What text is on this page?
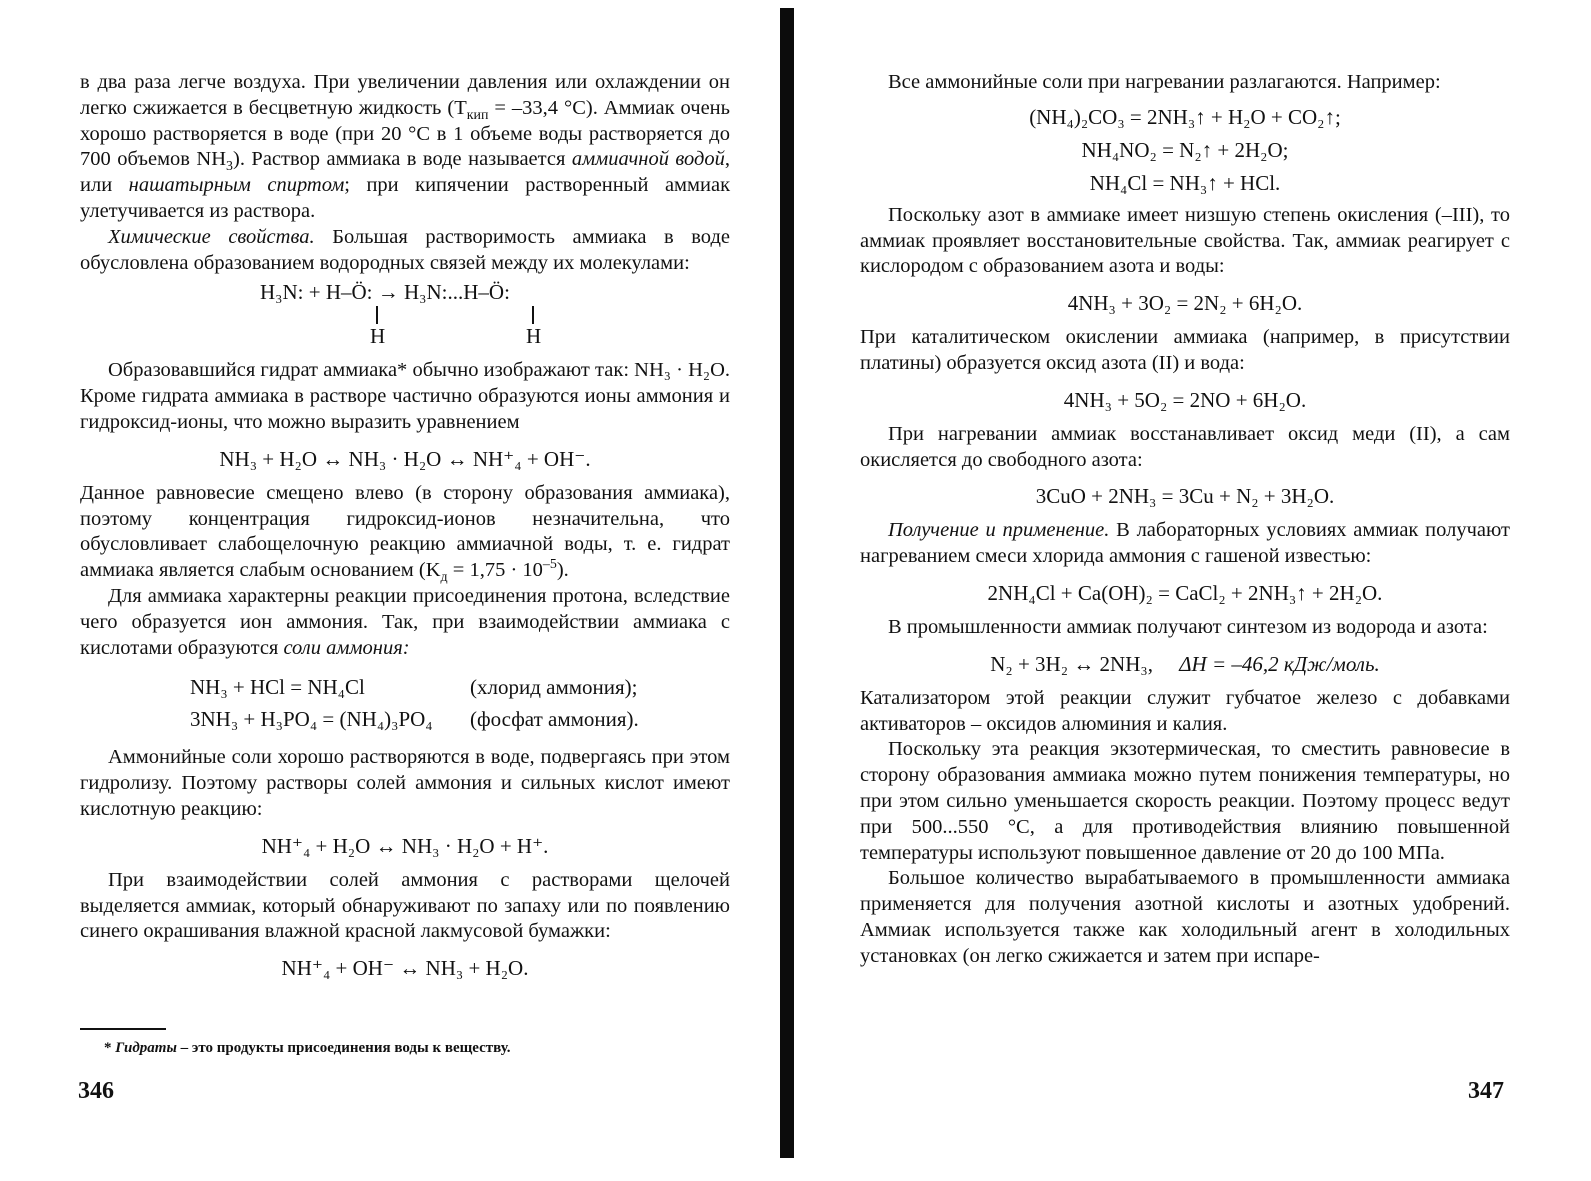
в два раза легче воздуха. При увеличении давления или охлаждении он легко сжижается в бесцветную жидкость ($T_{кип} = -33,4$ °C). Аммиак очень хорошо растворяется в воде (при 20 °C в 1 объеме воды растворяется до 700 объемов $NH_3$). Раствор аммиака в воде называется аммиачной водой, или нашатырным спиртом; при кипячении растворенный аммиак улетучивается из раствора.

Химические свойства. Большая растворимость аммиака в воде обусловлена образованием водородных связей между их молекулами:

H₃N: + H–Ö: → H₃N:...H–Ö:
H	H

Образовавшийся гидрат аммиака* обычно изображают так: NH₃ · H₂O. Кроме гидрата аммиака в растворе частично образуются ионы аммония и гидроксид-ионы, что можно выразить уравнением

NH₃ + H₂O ↔ NH₃ · H₂O ↔ NH⁺₄ + OH⁻.

Данное равновесие смещено влево (в сторону образования аммиака), поэтому концентрация гидроксид-ионов незначительна, что обусловливает слабощелочную реакцию аммиачной воды, т. е. гидрат аммиака является слабым основанием $(K_д = 1,75 \cdot 10^{-5})$.

Для аммиака характерны реакции присоединения протона, вследствие чего образуется ион аммония. Так, при взаимодействии аммиака с кислотами образуются соли аммония:

NH₃ + HCl = NH₄Cl	(хлорид аммония);
3NH₃ + H₃PO₄ = (NH₄)₃PO₄	(фосфат аммония).

Аммонийные соли хорошо растворяются в воде, подвергаясь при этом гидролизу. Поэтому растворы солей аммония и сильных кислот имеют кислотную реакцию:

NH⁺₄ + H₂O ↔ NH₃ · H₂O + H⁺.

При взаимодействии солей аммония с растворами щелочей выделяется аммиак, который обнаруживают по запаху или по появлению синего окрашивания влажной красной лакмусовой бумажки:

NH⁺₄ + OH⁻ ↔ NH₃ + H₂O.
* Гидраты – это продукты присоединения воды к веществу.
346

Все аммонийные соли при нагревании разлагаются. Например:

(NH₄)₂CO₃ = 2NH₃↑ + H₂O + CO₂↑;
NH₄NO₂ = N₂↑ + 2H₂O;
NH₄Cl = NH₃↑ + HCl.

Поскольку азот в аммиаке имеет низшую степень окисления (–III), то аммиак проявляет восстановительные свойства. Так, аммиак реагирует с кислородом с образованием азота и воды:

4NH₃ + 3O₂ = 2N₂ + 6H₂O.

При каталитическом окислении аммиака (например, в присутствии платины) образуется оксид азота (II) и вода:

4NH₃ + 5O₂ = 2NO + 6H₂O.

При нагревании аммиак восстанавливает оксид меди (II), а сам окисляется до свободного азота:

3CuO + 2NH₃ = 3Cu + N₂ + 3H₂O.

Получение и применение. В лабораторных условиях аммиак получают нагреванием смеси хлорида аммония с гашеной известью:

2NH₄Cl + Ca(OH)₂ = CaCl₂ + 2NH₃↑ + 2H₂O.

В промышленности аммиак получают синтезом из водорода и азота:

N₂ + 3H₂ ↔ 2NH₃, ΔH = –46,2 кДж/моль.

Катализатором этой реакции служит губчатое железо с добавками активаторов – оксидов алюминия и калия.

Поскольку эта реакция экзотермическая, то сместить равновесие в сторону образования аммиака можно путем понижения температуры, но при этом сильно уменьшается скорость реакции. Поэтому процесс ведут при 500...550 °C, а для противодействия влиянию повышенной температуры используют повышенное давление от 20 до 100 МПа.

Большое количество вырабатываемого в промышленности аммиака применяется для получения азотной кислоты и азотных удобрений. Аммиак используется также как холодильный агент в холодильных установках (он легко сжижается и затем при испаре-

347
